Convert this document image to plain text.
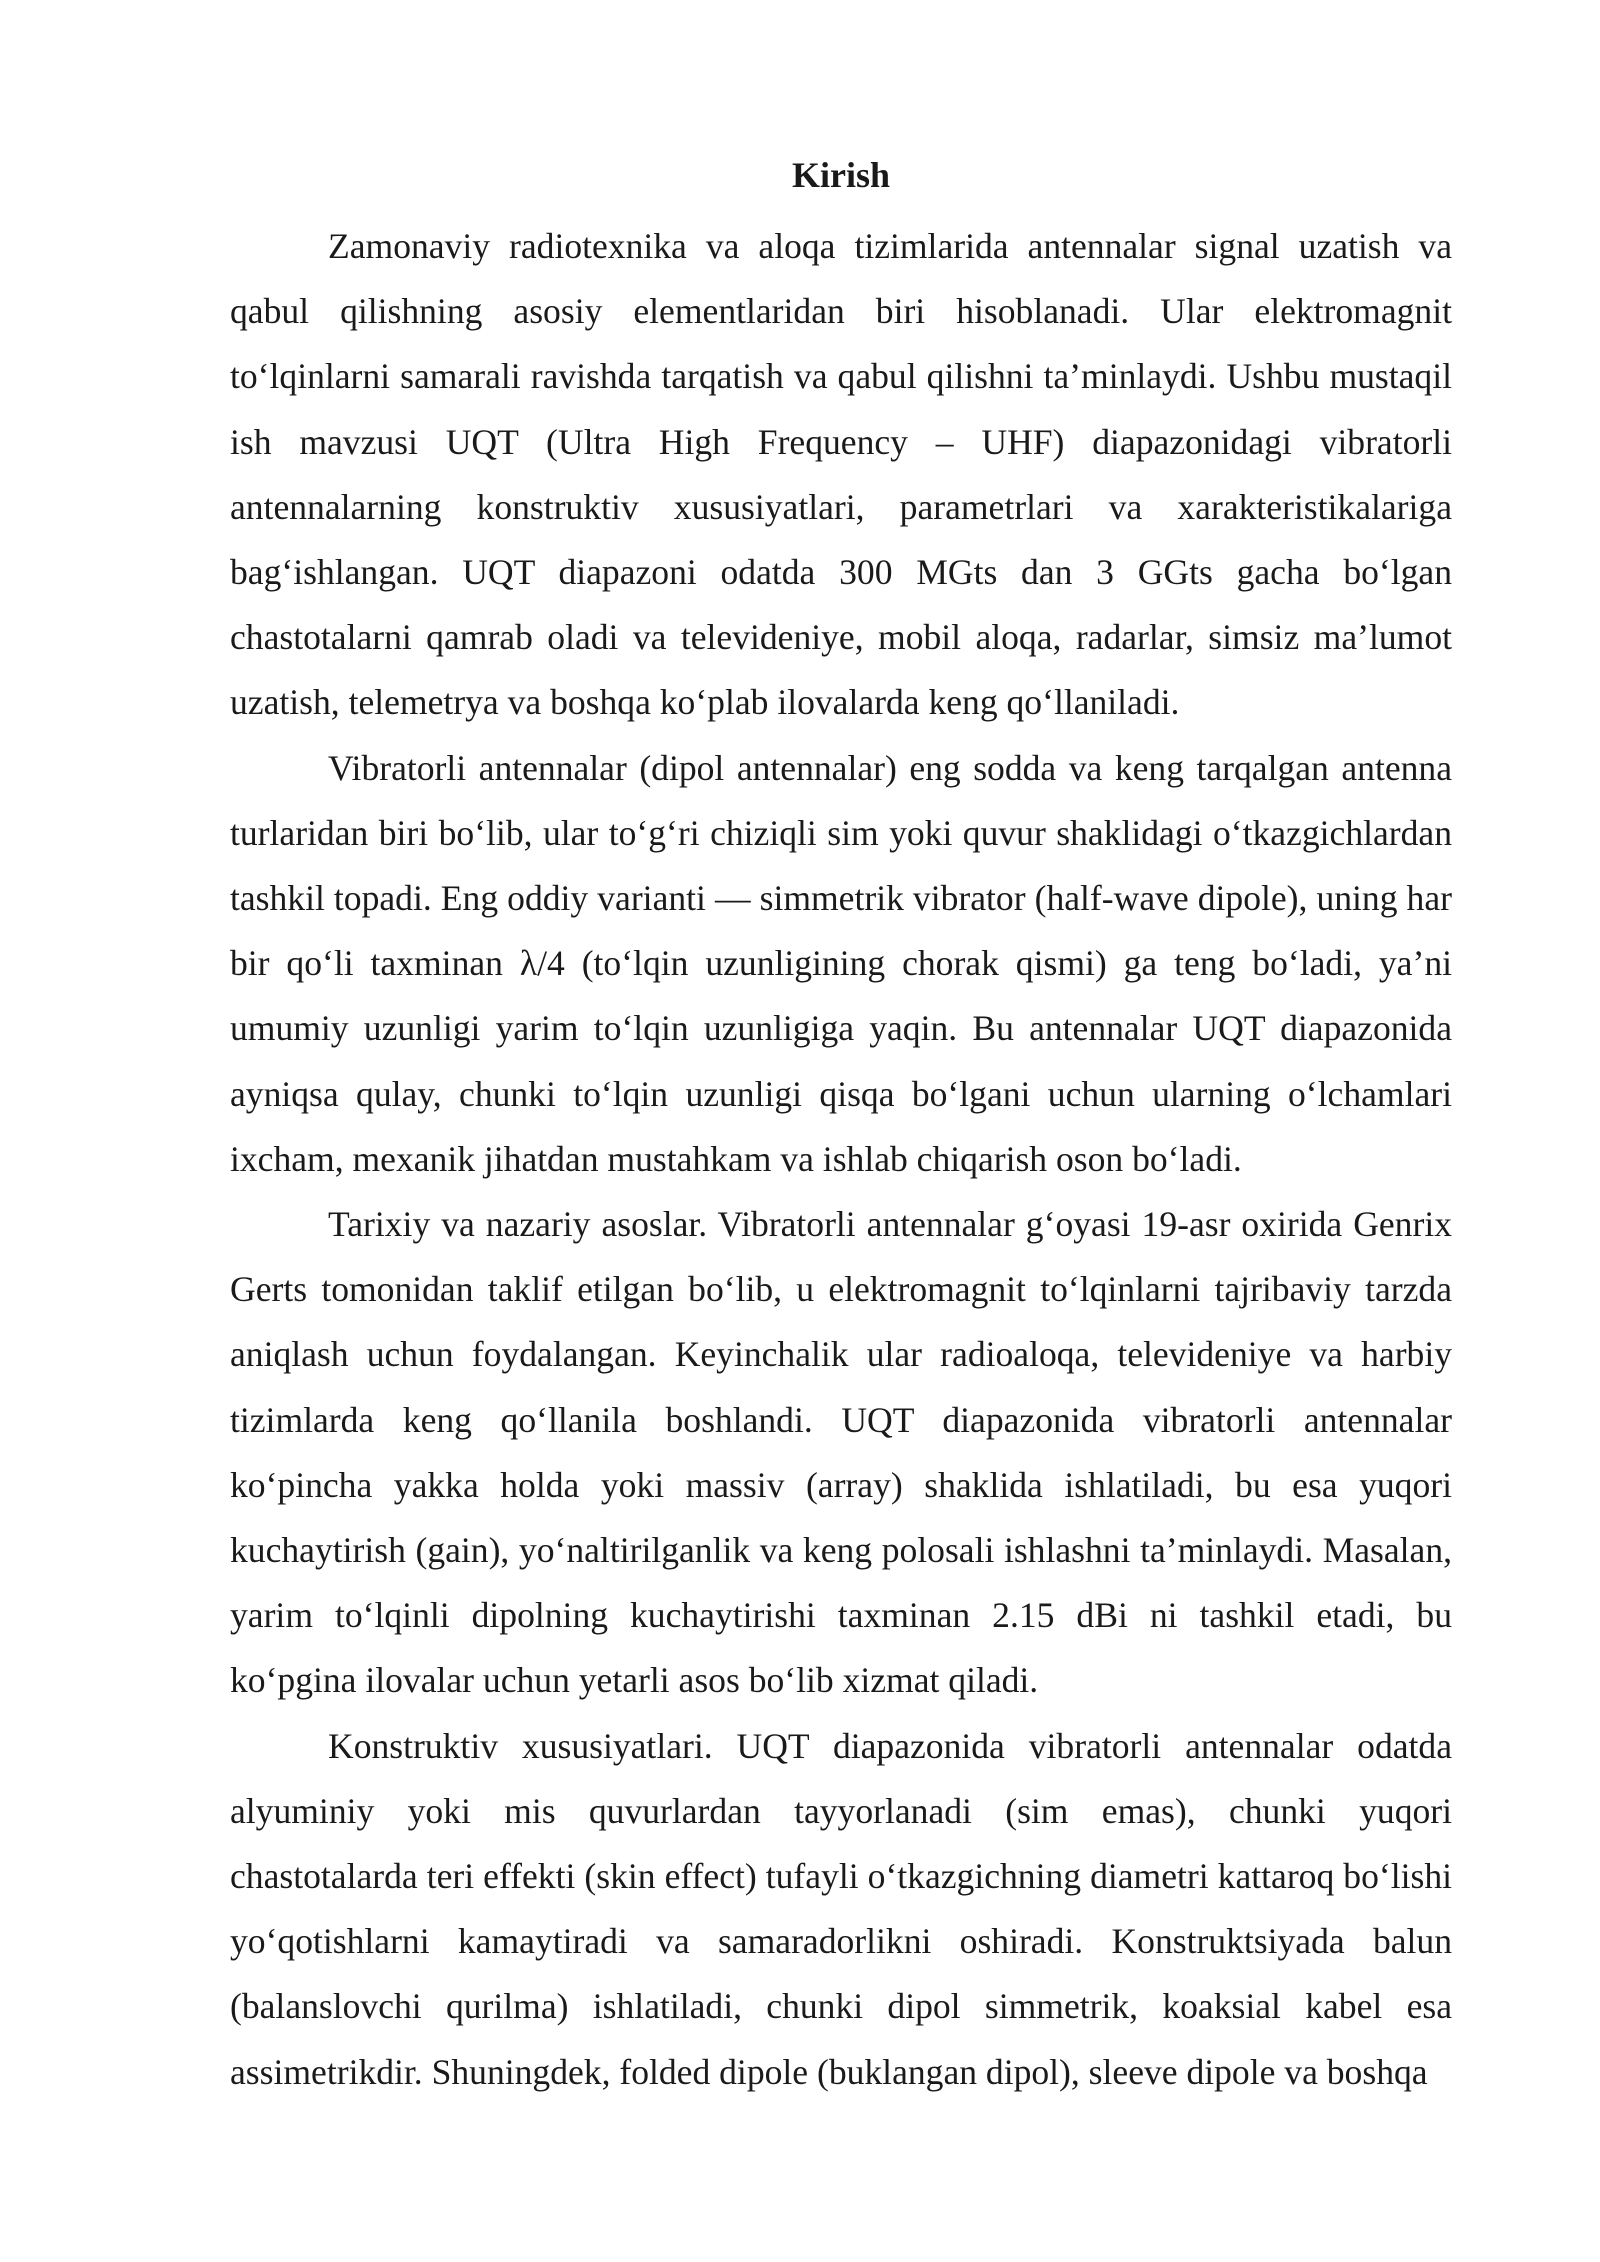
Kirish

Zamonaviy radiotexnika va aloqa tizimlarida antennalar signal uzatish va qabul qilishning asosiy elementlaridan biri hisoblanadi. Ular elektromagnit to‘lqinlarni samarali ravishda tarqatish va qabul qilishni ta’minlaydi. Ushbu mustaqil ish mavzusi UQT (Ultra High Frequency – UHF) diapazonidagi vibratorli antennalarning konstruktiv xususiyatlari, parametrlari va xarakteristikalariga bag‘ishlangan. UQT diapazoni odatda 300 MGts dan 3 GGts gacha bo‘lgan chastotalarni qamrab oladi va televideniye, mobil aloqa, radarlar, simsiz ma’lumot uzatish, telemetrya va boshqa ko‘plab ilovalarda keng qo‘llaniladi.

Vibratorli antennalar (dipol antennalar) eng sodda va keng tarqalgan antenna turlaridan biri bo‘lib, ular to‘g‘ri chiziqli sim yoki quvur shaklidagi o‘tkazgichlardan tashkil topadi. Eng oddiy varianti — simmetrik vibrator (half-wave dipole), uning har bir qo‘li taxminan λ/4 (to‘lqin uzunligining chorak qismi) ga teng bo‘ladi, ya’ni umumiy uzunligi yarim to‘lqin uzunligiga yaqin. Bu antennalar UQT diapazonida ayniqsa qulay, chunki to‘lqin uzunligi qisqa bo‘lgani uchun ularning o‘lchamlari ixcham, mexanik jihatdan mustahkam va ishlab chiqarish oson bo‘ladi.

Tarixiy va nazariy asoslar. Vibratorli antennalar g‘oyasi 19-asr oxirida Genrix Gerts tomonidan taklif etilgan bo‘lib, u elektromagnit to‘lqinlarni tajribaviy tarzda aniqlash uchun foydalangan. Keyinchalik ular radioaloqa, televideniye va harbiy tizimlarda keng qo‘llanila boshlandi. UQT diapazonida vibratorli antennalar ko‘pincha yakka holda yoki massiv (array) shaklida ishlatiladi, bu esa yuqori kuchaytirish (gain), yo‘naltirilganlik va keng polosali ishlashni ta’minlaydi. Masalan, yarim to‘lqinli dipolning kuchaytirishi taxminan 2.15 dBi ni tashkil etadi, bu ko‘pgina ilovalar uchun yetarli asos bo‘lib xizmat qiladi.

Konstruktiv xususiyatlari. UQT diapazonida vibratorli antennalar odatda alyuminiy yoki mis quvurlardan tayyorlanadi (sim emas), chunki yuqori chastotalarda teri effekti (skin effect) tufayli o‘tkazgichning diametri kattaroq bo‘lishi yo‘qotishlarni kamaytiradi va samaradorlikni oshiradi. Konstruktsiyada balun (balanslovchi qurilma) ishlatiladi, chunki dipol simmetrik, koaksial kabel esa assimetrikdir. Shuningdek, folded dipole (buklangan dipol), sleeve dipole va boshqa
